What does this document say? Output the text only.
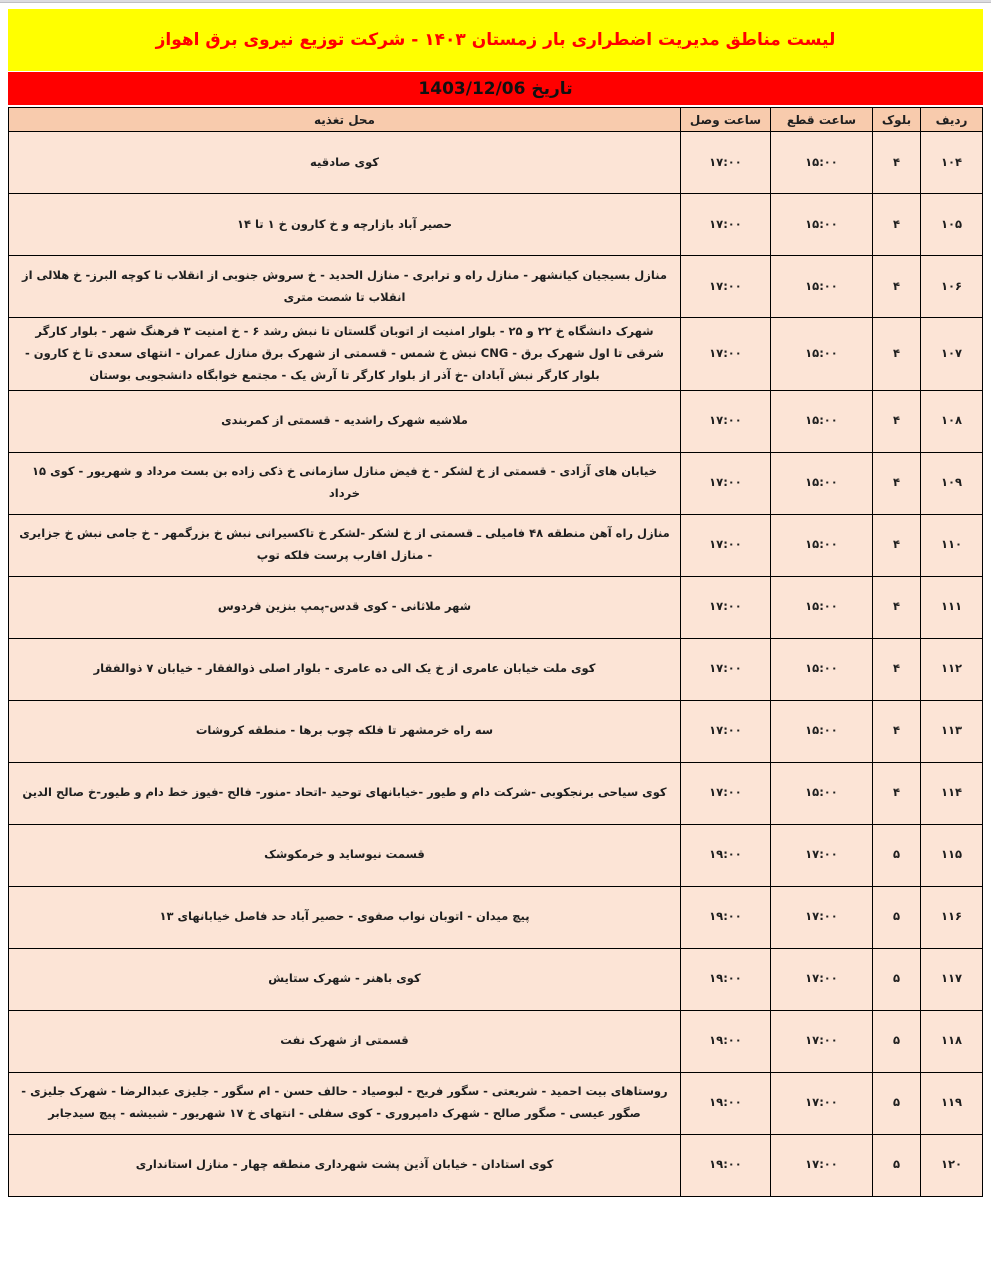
لیست مناطق مدیریت اضطراری بار زمستان ۱۴۰۳ - شرکت توزیع نیروی برق اهواز
تاریخ 1403/12/06
ردیف	بلوک	ساعت قطع	ساعت وصل	محل تغذیه
۱۰۴	۴	۱۵:۰۰	۱۷:۰۰	کوی صادقیه
۱۰۵	۴	۱۵:۰۰	۱۷:۰۰	حصیر آباد بازارچه و خ کارون خ ۱ تا ۱۴
۱۰۶	۴	۱۵:۰۰	۱۷:۰۰	منازل بسیجیان کیانشهر - منازل راه و ترابری - منازل الحدید - خ سروش جنوبی از انقلاب تا کوچه البرز- خ هلالی از انقلاب تا شصت متری
۱۰۷	۴	۱۵:۰۰	۱۷:۰۰	شهرک دانشگاه خ ۲۲ و ۲۵ - بلوار امنیت از اتوبان گلستان تا نبش رشد ۶ - خ امنیت ۳ فرهنگ شهر - بلوار کارگر شرقی تا اول شهرک برق - CNG نبش خ شمس - قسمتی از شهرک برق منازل عمران - انتهای سعدی تا خ کارون - بلوار کارگر نبش آبادان -خ آذر از بلوار کارگر تا آرش یک - مجتمع خوابگاه دانشجویی بوستان
۱۰۸	۴	۱۵:۰۰	۱۷:۰۰	ملاشیه شهرک راشدیه - قسمتی از کمربندی
۱۰۹	۴	۱۵:۰۰	۱۷:۰۰	خیابان های آزادی - قسمتی از خ لشکر - خ فیض منازل سازمانی خ ذکی زاده بن بست مرداد و شهریور - کوی ۱۵ خرداد
۱۱۰	۴	۱۵:۰۰	۱۷:۰۰	منازل راه آهن منطقه ۴۸ فامیلی ـ قسمتی از خ لشکر -لشکر خ تاکسیرانی نبش خ بزرگمهر - خ جامی نبش خ جزایری - منازل اقارب پرست فلکه توپ
۱۱۱	۴	۱۵:۰۰	۱۷:۰۰	شهر ملاثانی - کوی قدس-پمپ بنزین فردوس
۱۱۲	۴	۱۵:۰۰	۱۷:۰۰	کوی ملت خیابان عامری از خ یک الی ده عامری - بلوار اصلی ذوالفقار - خیابان ۷ ذوالفقار
۱۱۳	۴	۱۵:۰۰	۱۷:۰۰	سه راه خرمشهر تا فلکه چوب برها - منطقه کروشات
۱۱۴	۴	۱۵:۰۰	۱۷:۰۰	کوی سیاحی برنجکوبی -شرکت دام و طیور -خیابانهای توحید -اتحاد -منور- فالح -فیوز خط دام و طیور-خ صالح الدین
۱۱۵	۵	۱۷:۰۰	۱۹:۰۰	قسمت نیوساید و خرمکوشک
۱۱۶	۵	۱۷:۰۰	۱۹:۰۰	پیچ میدان - اتوبان نواب صفوی - حصیر آباد حد فاصل خیابانهای ۱۳
۱۱۷	۵	۱۷:۰۰	۱۹:۰۰	کوی باهنر - شهرک ستایش
۱۱۸	۵	۱۷:۰۰	۱۹:۰۰	قسمتی از شهرک نفت
۱۱۹	۵	۱۷:۰۰	۱۹:۰۰	روستاهای بیت احمید - شریعتی - سگور فریح - لبوصیاد - حالف حسن - ام سگور - جلیزی عبدالرضا - شهرک جلیزی - صگور عیسی - صگور صالح - شهرک دامپروری - کوی سفلی - انتهای خ ۱۷ شهریور - شبیشه - پیچ سیدجابر
۱۲۰	۵	۱۷:۰۰	۱۹:۰۰	کوی استادان - خیابان آذین پشت شهرداری منطقه چهار - منازل استانداری
